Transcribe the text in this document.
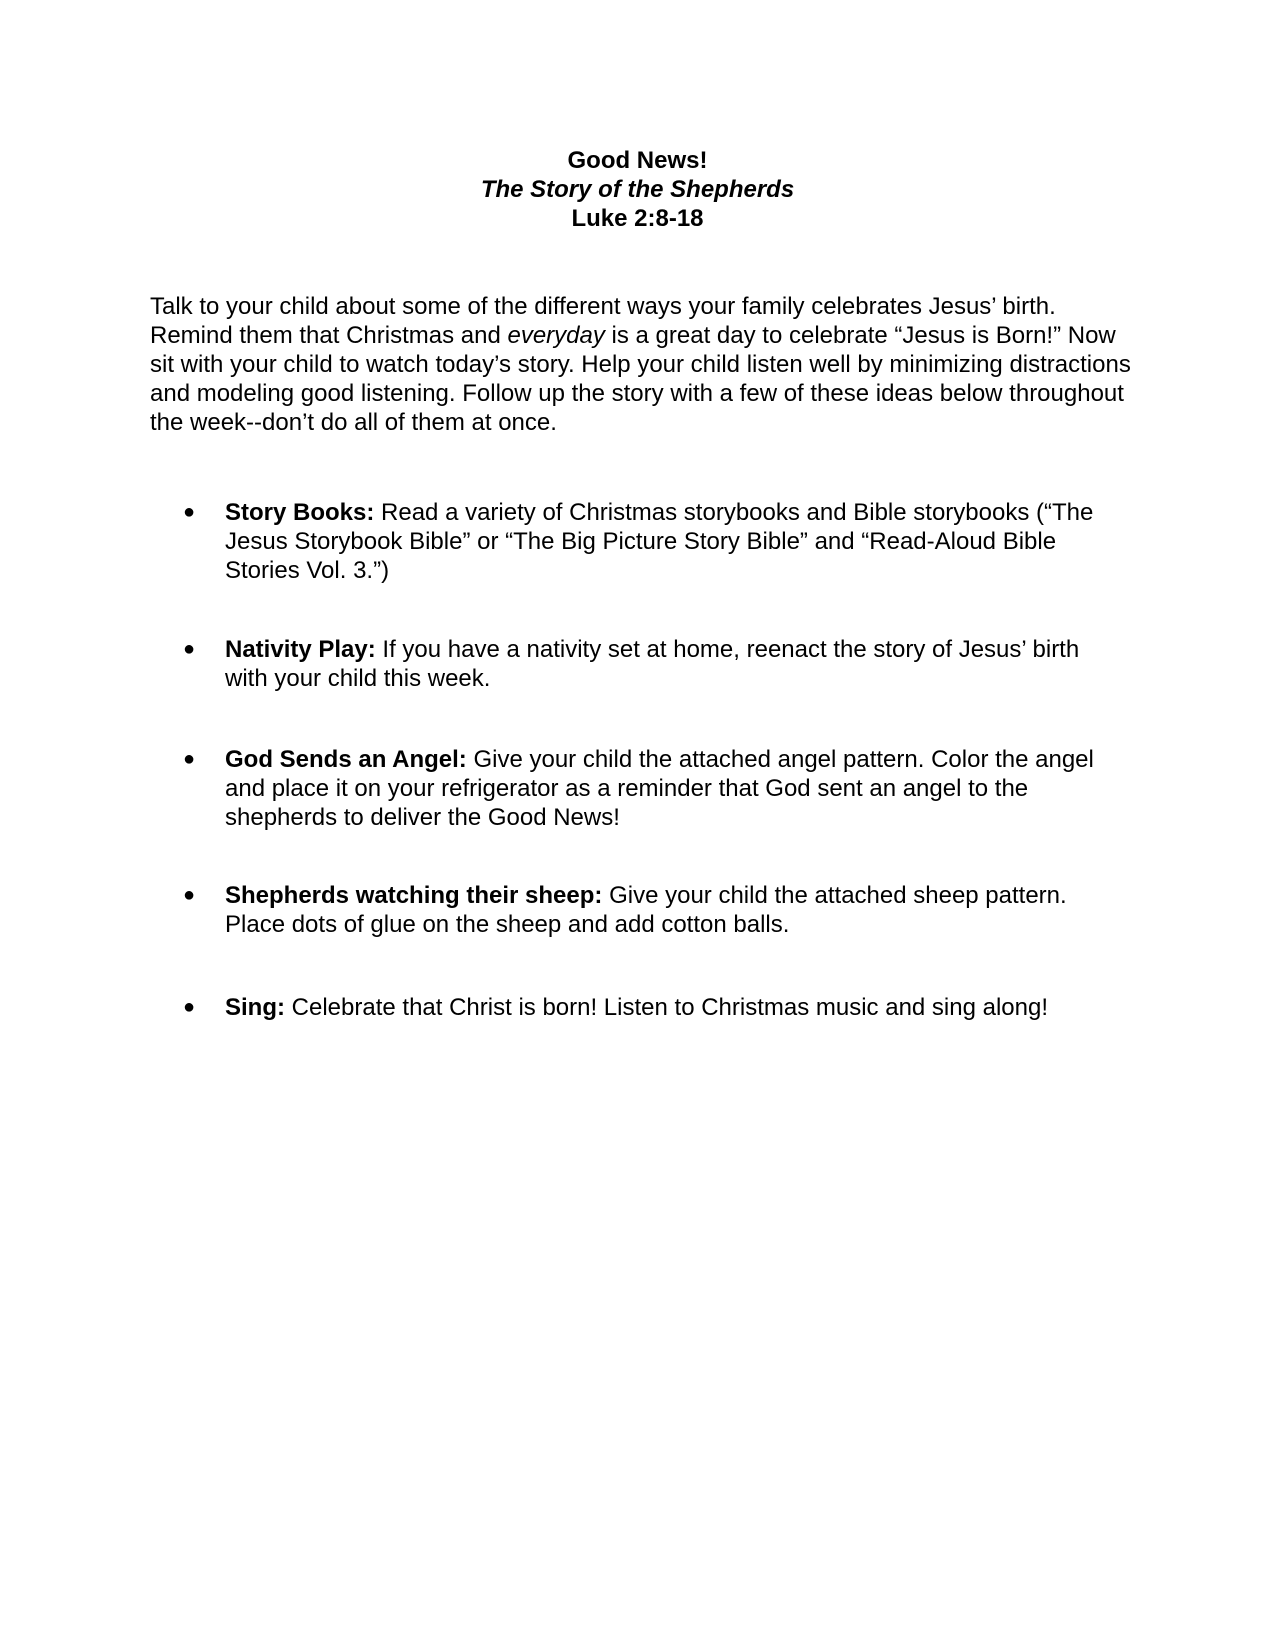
Good News!
The Story of the Shepherds
Luke 2:8-18

Talk to your child about some of the different ways your family celebrates Jesus’ birth. Remind them that Christmas and everyday is a great day to celebrate “Jesus is Born!” Now sit with your child to watch today’s story. Help your child listen well by minimizing distractions and modeling good listening. Follow up the story with a few of these ideas below throughout the week--don’t do all of them at once.

● Story Books: Read a variety of Christmas storybooks and Bible storybooks (“The Jesus Storybook Bible” or “The Big Picture Story Bible” and “Read-Aloud Bible Stories Vol. 3.”)
● Nativity Play: If you have a nativity set at home, reenact the story of Jesus’ birth with your child this week.
● God Sends an Angel: Give your child the attached angel pattern. Color the angel and place it on your refrigerator as a reminder that God sent an angel to the shepherds to deliver the Good News!
● Shepherds watching their sheep: Give your child the attached sheep pattern. Place dots of glue on the sheep and add cotton balls.
● Sing: Celebrate that Christ is born! Listen to Christmas music and sing along!
